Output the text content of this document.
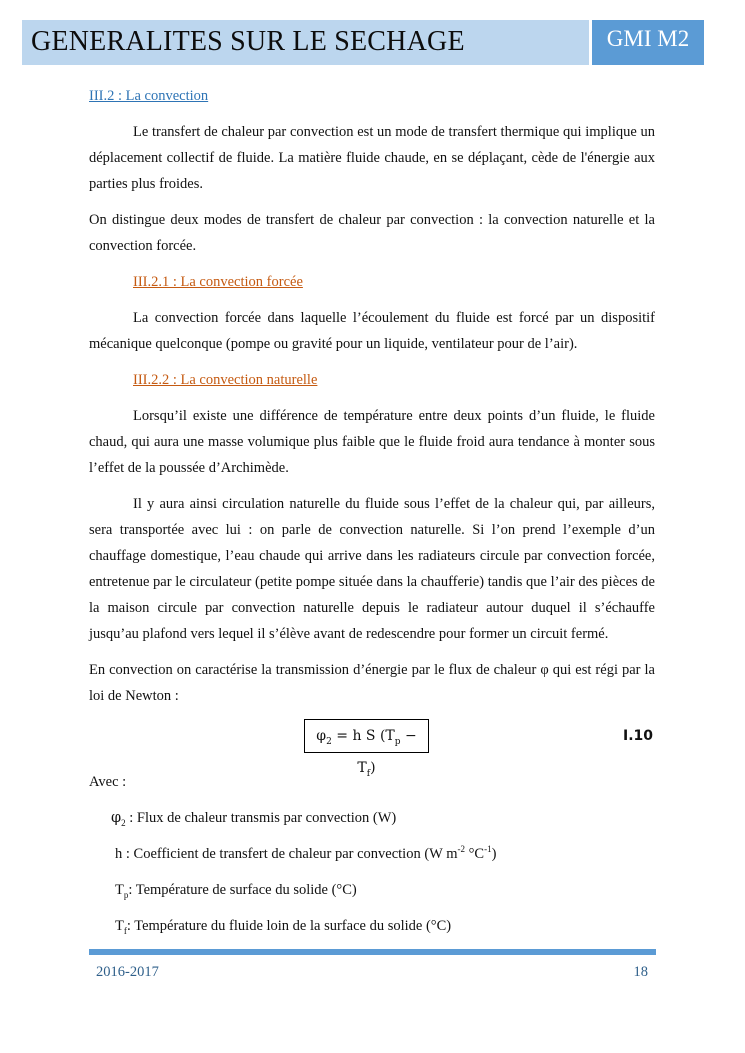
GENERALITES SUR LE SECHAGE	GMI M2
III.2 : La convection

Le transfert de chaleur par convection est un mode de transfert thermique qui implique un déplacement collectif de fluide. La matière fluide chaude, en se déplaçant, cède de l'énergie aux parties plus froides.

On distingue deux modes de transfert de chaleur par convection : la convection naturelle et la convection forcée.

III.2.1 : La convection forcée

La convection forcée dans laquelle l’écoulement du fluide est forcé par un dispositif mécanique quelconque (pompe ou gravité pour un liquide, ventilateur pour de l’air).

III.2.2 : La convection naturelle

Lorsqu’il existe une différence de température entre deux points d’un fluide, le fluide chaud, qui aura une masse volumique plus faible que le fluide froid aura tendance à monter sous l’effet de la poussée d’Archimède.

Il y aura ainsi circulation naturelle du fluide sous l’effet de la chaleur qui, par ailleurs, sera transportée avec lui : on parle de convection naturelle. Si l’on prend l’exemple d’un chauffage domestique, l’eau chaude qui arrive dans les radiateurs circule par convection forcée, entretenue par le circulateur (petite pompe située dans la chaufferie) tandis que l’air des pièces de la maison circule par convection naturelle depuis le radiateur autour duquel il s’échauffe jusqu’au plafond vers lequel il s’élève avant de redescendre pour former un circuit fermé.

En convection on caractérise la transmission d’énergie par le flux de chaleur φ qui est régi par la loi de Newton :

$\varphi_2 = h$ S $(T_p - T_f)$
I.10
Avec :
$\varphi_2$ : Flux de chaleur transmis par convection (W)
h : Coefficient de transfert de chaleur par convection (W $m^{-2}$ $^\circ C^{-1}$)
$T_p$: Température de surface du solide (°C)
$T_f$: Température du fluide loin de la surface du solide (°C)
2016-2017	18
